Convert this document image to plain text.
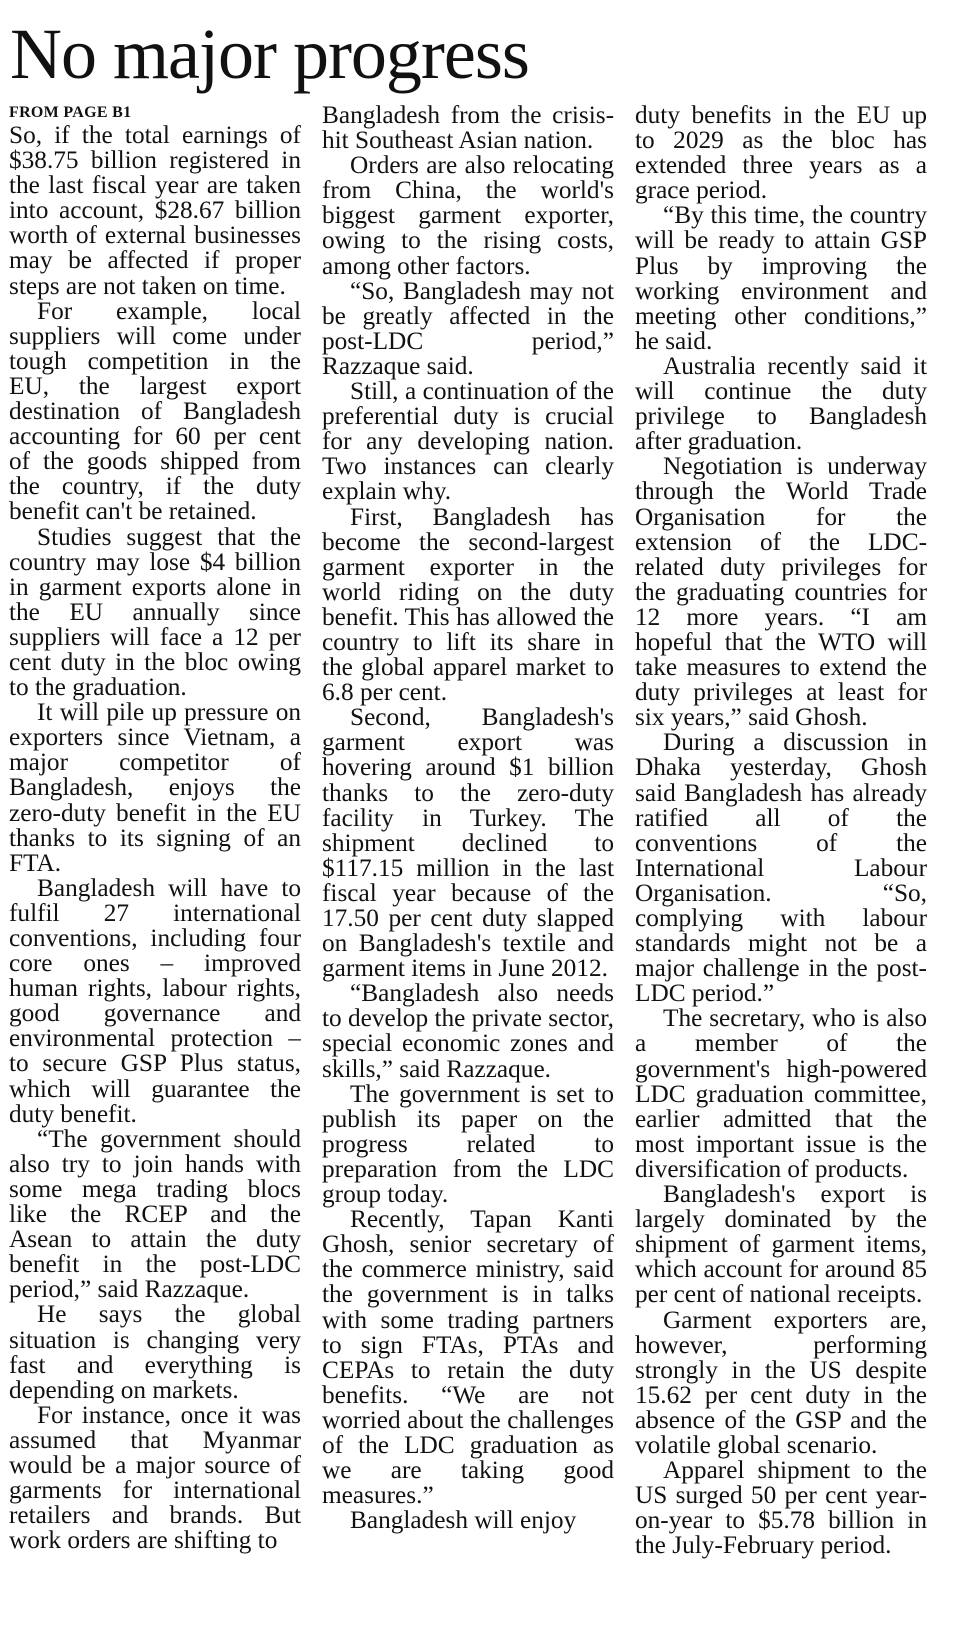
No major progress
FROM PAGE B1

So, if the total earnings of $38.75 billion registered in the last fiscal year are taken into account, $28.67 billion worth of external businesses may be affected if proper steps are not taken on time.

For example, local suppliers will come under tough competition in the EU, the largest export destination of Bangladesh accounting for 60 per cent of the goods shipped from the country, if the duty benefit can't be retained.

Studies suggest that the country may lose $4 billion in garment exports alone in the EU annually since suppliers will face a 12 per cent duty in the bloc owing to the graduation.

It will pile up pressure on exporters since Vietnam, a major competitor of Bangladesh, enjoys the zero-duty benefit in the EU thanks to its signing of an FTA.

Bangladesh will have to fulfil 27 international conventions, including four core ones – improved human rights, labour rights, good governance and environmental protection – to secure GSP Plus status, which will guarantee the duty benefit.

“The government should also try to join hands with some mega trading blocs like the RCEP and the Asean to attain the duty benefit in the post-LDC period,” said Razzaque.

He says the global situation is changing very fast and everything is depending on markets.

For instance, once it was assumed that Myanmar would be a major source of garments for international retailers and brands. But work orders are shifting to

Bangladesh from the crisis-hit Southeast Asian nation.

Orders are also relocating from China, the world's biggest garment exporter, owing to the rising costs, among other factors.

“So, Bangladesh may not be greatly affected in the post-LDC period,” Razzaque said.

Still, a continuation of the preferential duty is crucial for any developing nation. Two instances can clearly explain why.

First, Bangladesh has become the second-largest garment exporter in the world riding on the duty benefit. This has allowed the country to lift its share in the global apparel market to 6.8 per cent.

Second, Bangladesh's garment export was hovering around $1 billion thanks to the zero-duty facility in Turkey. The shipment declined to $117.15 million in the last fiscal year because of the 17.50 per cent duty slapped on Bangladesh's textile and garment items in June 2012.

“Bangladesh also needs to develop the private sector, special economic zones and skills,” said Razzaque.

The government is set to publish its paper on the progress related to preparation from the LDC group today.

Recently, Tapan Kanti Ghosh, senior secretary of the commerce ministry, said the government is in talks with some trading partners to sign FTAs, PTAs and CEPAs to retain the duty benefits. “We are not worried about the challenges of the LDC graduation as we are taking good measures.”

Bangladesh will enjoy

duty benefits in the EU up to 2029 as the bloc has extended three years as a grace period.

“By this time, the country will be ready to attain GSP Plus by improving the working environment and meeting other conditions,” he said.

Australia recently said it will continue the duty privilege to Bangladesh after graduation.

Negotiation is underway through the World Trade Organisation for the extension of the LDC-related duty privileges for the graduating countries for 12 more years. “I am hopeful that the WTO will take measures to extend the duty privileges at least for six years,” said Ghosh.

During a discussion in Dhaka yesterday, Ghosh said Bangladesh has already ratified all of the conventions of the International Labour Organisation. “So, complying with labour standards might not be a major challenge in the post-LDC period.”

The secretary, who is also a member of the government's high-powered LDC graduation committee, earlier admitted that the most important issue is the diversification of products.

Bangladesh's export is largely dominated by the shipment of garment items, which account for around 85 per cent of national receipts.

Garment exporters are, however, performing strongly in the US despite 15.62 per cent duty in the absence of the GSP and the volatile global scenario.

Apparel shipment to the US surged 50 per cent year-on-year to $5.78 billion in the July-February period.
